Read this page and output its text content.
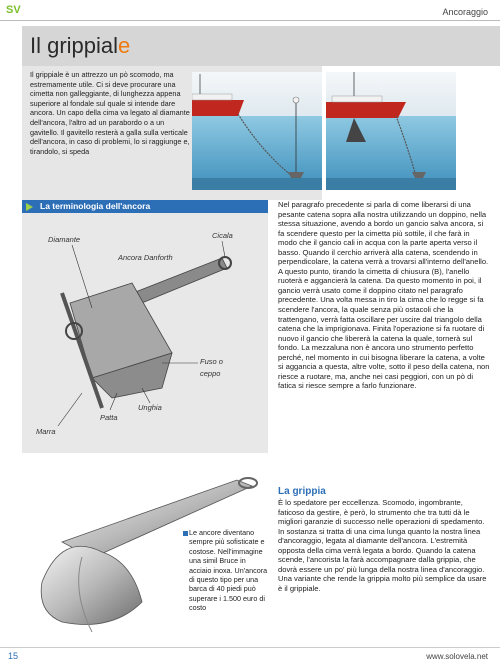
SV	Ancoraggio
Il grippiale
Il grippiale è un attrezzo un pò scomodo, ma estremamente utile. Ci si deve procurare una cimetta non galleggiante, di lunghezza appena superiore al fondale sul quale si intende dare ancora. Un capo della cima va legato al diamante dell'ancora, l'altro ad un parabordo o a un gavitello. Il gavitello resterà a galla sulla verticale dell'ancora, in caso di problemi, lo si raggiunge e, tirandolo, si speda
La terminologia dell'ancora
Diamante	Cicala
Ancora Danforth
Fuso o
ceppo
Unghia
Patta
Marra
Le ancore diventano sempre più sofisticate e costose. Nell'immagine una simil Bruce in acciaio inoxa. Un'ancora di questo tipo per una barca di 40 piedi può superare i 1.500 euro di costo
Nel paragrafo precedente si parla di come liberarsi di una pesante catena sopra alla nostra utilizzando un doppino, nella stessa situazione, avendo a bordo un gancio salva ancora, si fa scendere questo per la cimetta più sottile, il che farà in modo che il gancio cali in acqua con la parte aperta verso il basso. Quando il cerchio arriverà alla catena, scendendo in perpendicolare, la catena verrà a trovarsi all'interno dell'anello. A questo punto, tirando la cimetta di chiusura (B), l'anello ruoterà e aggancierà la catena. Da questo momento in poi, il gancio verrà usato come il doppino citato nel paragrafo precedente. Una volta messa in tiro la cima che lo regge si fa scendere l'ancora, la quale senza più ostacoli che la trattengano, verrà fatta oscillare per uscire dal triangolo della catena che la imprigionava. Finita l'operazione si fa ruotare di nuovo il gancio che libererà la catena la quale, tornerà sul fondo. La mezzaluna non è ancora uno strumento perfetto perché, nel momento in cui bisogna liberare la catena, a volte si aggancia a questa, altre volte, sotto il peso della catena, non riesce a ruotare, ma, anche nei casi peggiori, con un pò di fatica si riesce sempre a farlo funzionare.
La grippia
È lo spedatore per eccellenza. Scomodo, ingombrante, faticoso da gestire, è però, lo strumento che tra tutti dà le migliori garanzie di successo nelle operazioni di spedamento. In sostanza si tratta di una cima lunga quanto la nostra linea d'ancoraggio, legata al diamante dell'ancora. L'estremità opposta della cima verrà legata a bordo. Quando la catena scende, l'ancorista la farà accompagnare dalla grippia, che dovrà essere un po' più lunga della nostra linea d'ancoraggio. Una variante che rende la grippia molto più semplice da usare è il grippiale.
15	www.solovela.net
